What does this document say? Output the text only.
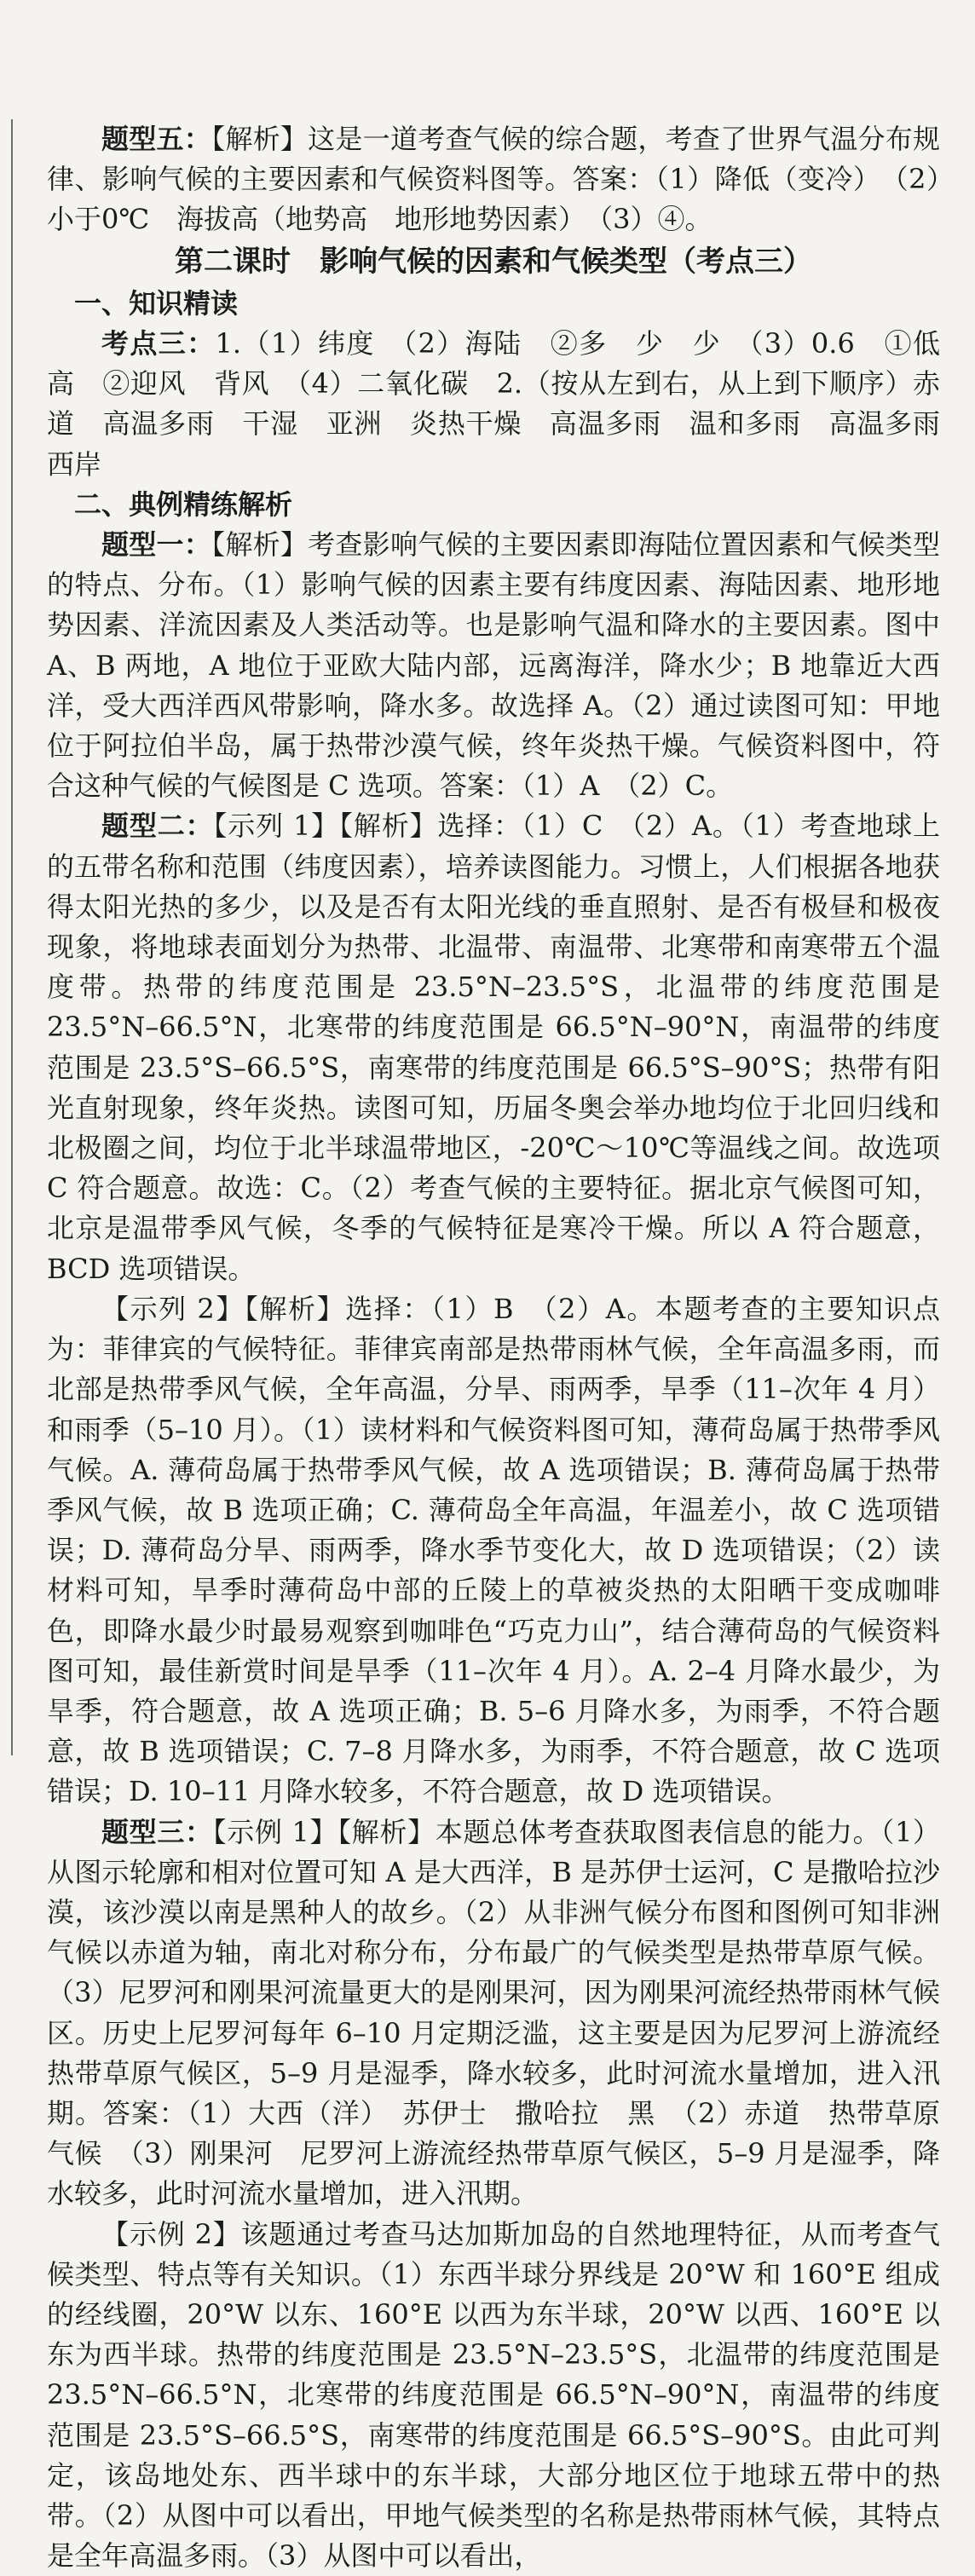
题型五：【解析】这是一道考查气候的综合题，考查了世界气温分布规律、影响气候的主要因素和气候资料图等。答案：（1）降低（变冷）　（2）小于0℃　海拔高（地势高　地形地势因素）　（3）④。

第二课时　影响气候的因素和气候类型（考点三）

一、知识精读

考点三：1.（1）纬度　（2）海陆　②多　少　少　（3）0.6　①低　高　②迎风　背风　（4）二氧化碳　2.（按从左到右，从上到下顺序）赤道　高温多雨　干湿　亚洲　炎热干燥　高温多雨　温和多雨　高温多雨　西岸

二、典例精练解析

题型一：【解析】考查影响气候的主要因素即海陆位置因素和气候类型的特点、分布。（1）影响气候的因素主要有纬度因素、海陆因素、地形地势因素、洋流因素及人类活动等。也是影响气温和降水的主要因素。图中 A、B 两地，A 地位于亚欧大陆内部，远离海洋，降水少；B 地靠近大西洋，受大西洋西风带影响，降水多。故选择 A。（2）通过读图可知：甲地位于阿拉伯半岛，属于热带沙漠气候，终年炎热干燥。气候资料图中，符合这种气候的气候图是 C 选项。答案：（1）A　（2）C。

题型二：【示列 1】【解析】选择：（1）C　（2）A。（1）考查地球上的五带名称和范围（纬度因素），培养读图能力。习惯上，人们根据各地获得太阳光热的多少，以及是否有太阳光线的垂直照射、是否有极昼和极夜现象，将地球表面划分为热带、北温带、南温带、北寒带和南寒带五个温度带。热带的纬度范围是 23.5°N–23.5°S，北温带的纬度范围是 23.5°N–66.5°N，北寒带的纬度范围是 66.5°N–90°N，南温带的纬度范围是 23.5°S–66.5°S，南寒带的纬度范围是 66.5°S–90°S；热带有阳光直射现象，终年炎热。读图可知，历届冬奥会举办地均位于北回归线和北极圈之间，均位于北半球温带地区，-20℃～10℃等温线之间。故选项 C 符合题意。故选：C。（2）考查气候的主要特征。据北京气候图可知，北京是温带季风气候，冬季的气候特征是寒冷干燥。所以 A 符合题意，BCD 选项错误。

【示列 2】【解析】选择：（1）B　（2）A。本题考查的主要知识点为：菲律宾的气候特征。菲律宾南部是热带雨林气候，全年高温多雨，而北部是热带季风气候，全年高温，分旱、雨两季，旱季（11–次年 4 月）和雨季（5–10 月）。（1）读材料和气候资料图可知，薄荷岛属于热带季风气候。A. 薄荷岛属于热带季风气候，故 A 选项错误；B. 薄荷岛属于热带季风气候，故 B 选项正确；C. 薄荷岛全年高温，年温差小，故 C 选项错误；D. 薄荷岛分旱、雨两季，降水季节变化大，故 D 选项错误；（2）读材料可知，旱季时薄荷岛中部的丘陵上的草被炎热的太阳晒干变成咖啡色，即降水最少时最易观察到咖啡色“巧克力山”，结合薄荷岛的气候资料图可知，最佳新赏时间是旱季（11–次年 4 月）。A. 2–4 月降水最少，为旱季，符合题意，故 A 选项正确；B. 5–6 月降水多，为雨季，不符合题意，故 B 选项错误；C. 7–8 月降水多，为雨季，不符合题意，故 C 选项错误；D. 10–11 月降水较多，不符合题意，故 D 选项错误。

题型三：【示例 1】【解析】本题总体考查获取图表信息的能力。（1）从图示轮廓和相对位置可知 A 是大西洋，B 是苏伊士运河，C 是撒哈拉沙漠，该沙漠以南是黑种人的故乡。（2）从非洲气候分布图和图例可知非洲气候以赤道为轴，南北对称分布，分布最广的气候类型是热带草原气候。（3）尼罗河和刚果河流量更大的是刚果河，因为刚果河流经热带雨林气候区。历史上尼罗河每年 6–10 月定期泛滥，这主要是因为尼罗河上游流经热带草原气候区，5–9 月是湿季，降水较多，此时河流水量增加，进入汛期。答案：（1）大西（洋）　苏伊士　撒哈拉　黑　（2）赤道　热带草原气候　（3）刚果河　尼罗河上游流经热带草原气候区，5–9 月是湿季，降水较多，此时河流水量增加，进入汛期。

【示例 2】该题通过考查马达加斯加岛的自然地理特征，从而考查气候类型、特点等有关知识。（1）东西半球分界线是 20°W 和 160°E 组成的经线圈，20°W 以东、160°E 以西为东半球，20°W 以西、160°E 以东为西半球。热带的纬度范围是 23.5°N–23.5°S，北温带的纬度范围是 23.5°N–66.5°N，北寒带的纬度范围是 66.5°N–90°N，南温带的纬度范围是 23.5°S–66.5°S，南寒带的纬度范围是 66.5°S–90°S。由此可判定，该岛地处东、西半球中的东半球，大部分地区位于地球五带中的热带。（2）从图中可以看出，甲地气候类型的名称是热带雨林气候，其特点是全年高温多雨。（3）从图中可以看出，
